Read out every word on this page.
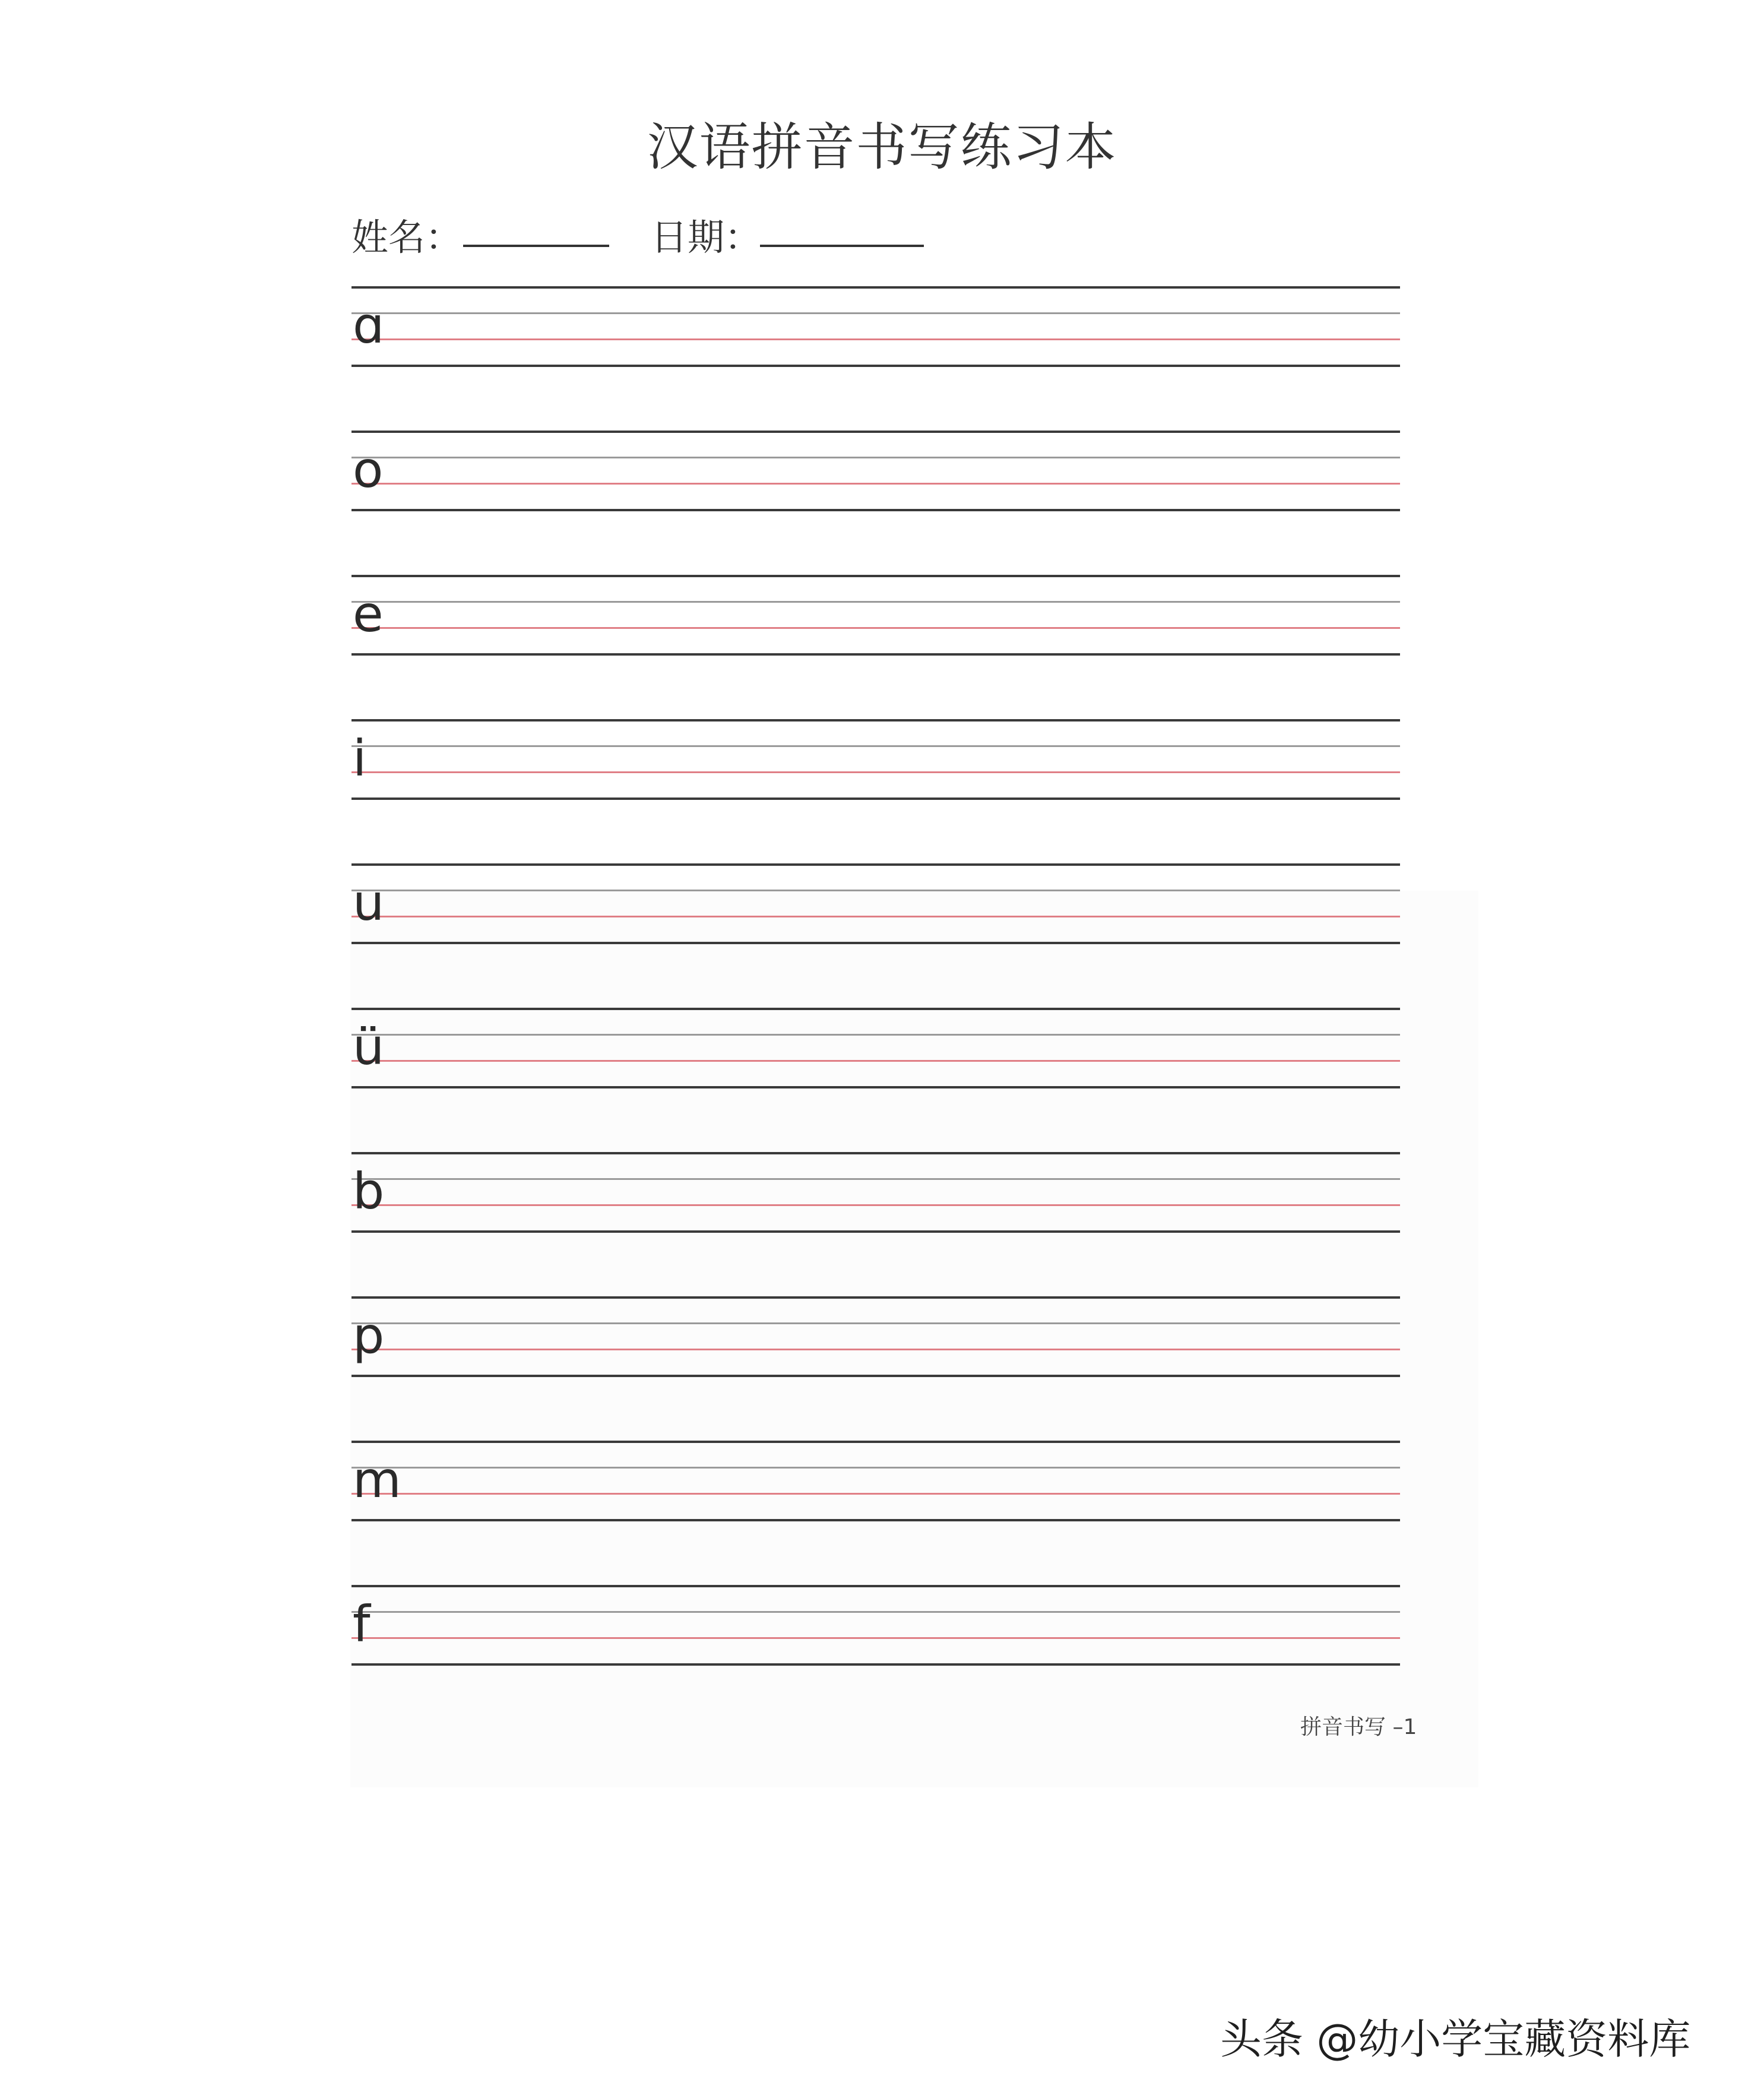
汉语拼音书写练习本
姓名：	日期：
ɑ
o
e
i
u
ü
b
p
m
f
拼音书写 –1
头条 @幼小学宝藏资料库
